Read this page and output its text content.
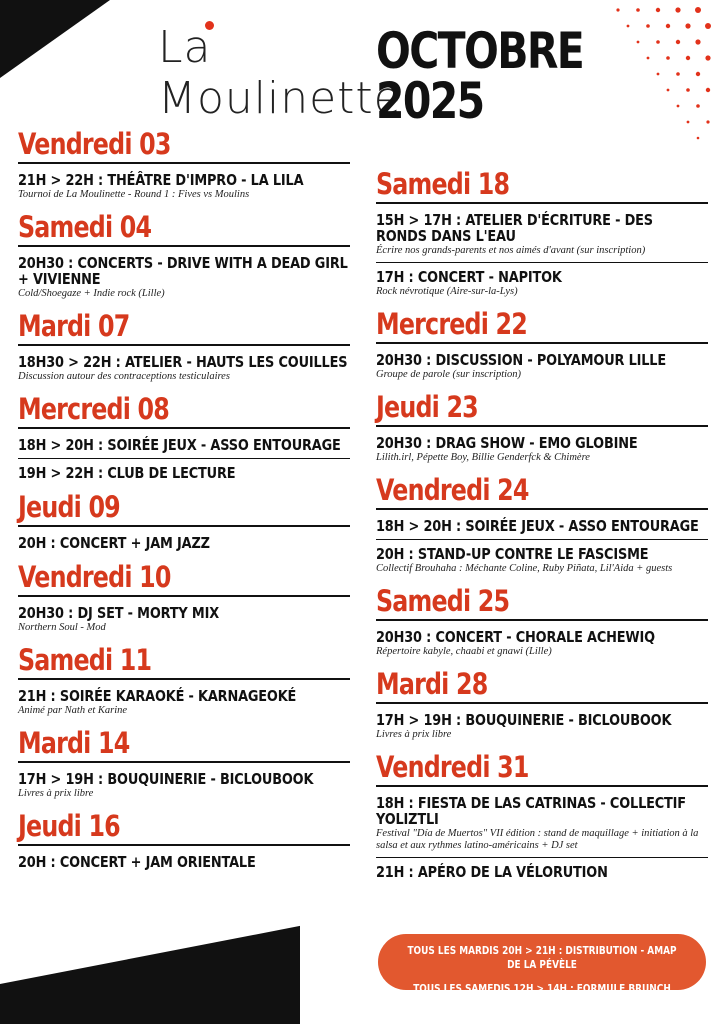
La Moulinette
OCTOBRE
2025
Vendredi 03
21H > 22H : THÉÂTRE D'IMPRO - LA LILA
Tournoi de La Moulinette - Round 1 : Fives vs Moulins
Samedi 04
20H30 : CONCERTS - DRIVE WITH A DEAD GIRL + VIVIENNE
Cold/Shoegaze + Indie rock (Lille)
Mardi 07
18H30 > 22H : ATELIER - HAUTS LES COUILLES
Discussion autour des contraceptions testiculaires
Mercredi 08
18H > 20H : SOIRÉE JEUX - ASSO ENTOURAGE
19H > 22H : CLUB DE LECTURE
Jeudi 09
20H : CONCERT + JAM JAZZ
Vendredi 10
20H30 : DJ SET - MORTY MIX
Northern Soul - Mod
Samedi 11
21H : SOIRÉE KARAOKÉ - KARNAGEOKÉ
Animé par Nath et Karine
Mardi 14
17H > 19H : BOUQUINERIE - BICLOUBOOK
Livres à prix libre
Jeudi 16
20H : CONCERT + JAM ORIENTALE
Samedi 18
15H > 17H : ATELIER D'ÉCRITURE - DES RONDS DANS L'EAU
Écrire nos grands-parents et nos aimés d'avant (sur inscription)
17H : CONCERT - NAPITOK
Rock névrotique (Aire-sur-la-Lys)
Mercredi 22
20H30 : DISCUSSION - POLYAMOUR LILLE
Groupe de parole (sur inscription)
Jeudi 23
20H30 : DRAG SHOW - EMO GLOBINE
Lilith.irl, Pépette Boy, Billie Genderfck & Chimère
Vendredi 24
18H > 20H : SOIRÉE JEUX - ASSO ENTOURAGE
20H : STAND-UP CONTRE LE FASCISME
Collectif Brouhaha : Méchante Coline, Ruby Piñata, Lil'Aida + guests
Samedi 25
20H30 : CONCERT - CHORALE ACHEWIQ
Répertoire kabyle, chaabi et gnawi (Lille)
Mardi 28
17H > 19H : BOUQUINERIE - BICLOUBOOK
Livres à prix libre
Vendredi 31
18H : FIESTA DE LAS CATRINAS - COLLECTIF YOLIZTLI
Festival "Día de Muertos" VII édition : stand de maquillage + initiation à la salsa et aux rythmes latino-américains + DJ set
21H : APÉRO DE LA VÉLORUTION
TOUS LES MARDIS 20H > 21H : DISTRIBUTION - AMAP DE LA PÉVÈLE
TOUS LES SAMEDIS 12H > 14H : FORMULE BRUNCH VEGAN À 15€
